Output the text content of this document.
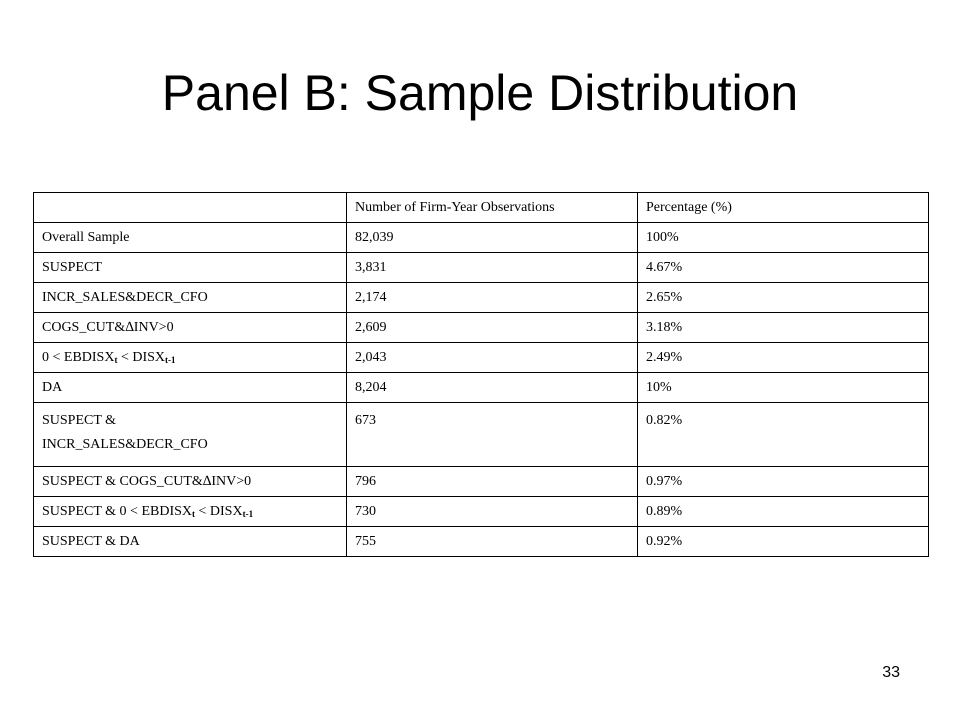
Panel B: Sample Distribution
	Number of Firm-Year Observations	Percentage (%)
Overall Sample	82,039	100%
SUSPECT	3,831	4.67%
INCR_SALES&DECR_CFO	2,174	2.65%
COGS_CUT&∆INV>0	2,609	3.18%
$0 < EBDISX_t$ < $DISX_{t-1}$	2,043	2.49%
DA	8,204	10%

SUSPECT &
INCR_SALES&DECR_CFO	673	0.82%

SUSPECT & COGS_CUT&∆INV>0	796	0.97%
SUSPECT & $0 < EBDISX_t$ < $DISX_{t-1}$	730	0.89%
SUSPECT & DA	755	0.92%
33
